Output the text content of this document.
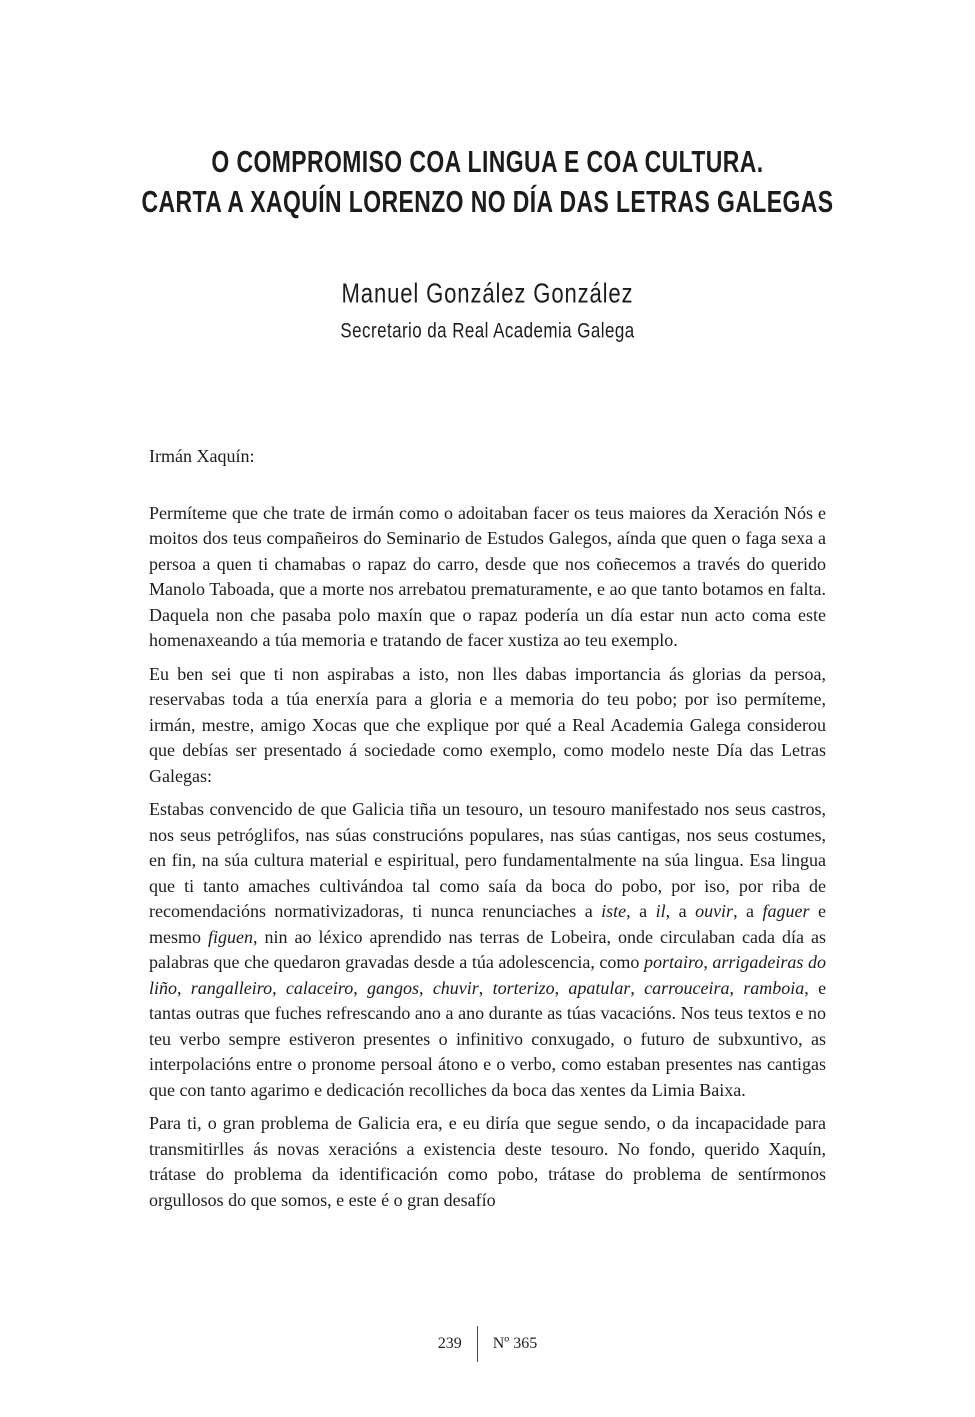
O COMPROMISO COA LINGUA E COA CULTURA.
CARTA A XAQUÍN LORENZO NO DÍA DAS LETRAS GALEGAS
Manuel González González
Secretario da Real Academia Galega

Irmán Xaquín:

Permíteme que che trate de irmán como o adoitaban facer os teus maiores da Xeración Nós e moitos dos teus compañeiros do Seminario de Estudos Galegos, aínda que quen o faga sexa a persoa a quen ti chamabas o rapaz do carro, desde que nos coñecemos a través do querido Manolo Taboada, que a morte nos arrebatou prematuramente, e ao que tanto botamos en falta. Daquela non che pasaba polo maxín que o rapaz podería un día estar nun acto coma este homenaxeando a túa memoria e tratando de facer xustiza ao teu exemplo.

Eu ben sei que ti non aspirabas a isto, non lles dabas importancia ás glorias da persoa, reservabas toda a túa enerxía para a gloria e a memoria do teu pobo; por iso permíteme, irmán, mestre, amigo Xocas que che explique por qué a Real Academia Galega considerou que debías ser presentado á sociedade como exemplo, como modelo neste Día das Letras Galegas:

Estabas convencido de que Galicia tiña un tesouro, un tesouro manifestado nos seus castros, nos seus petróglifos, nas súas construcións populares, nas súas cantigas, nos seus costumes, en fin, na súa cultura material e espiritual, pero fundamentalmente na súa lingua. Esa lingua que ti tanto amaches cultivándoa tal como saía da boca do pobo, por iso, por riba de recomendacións normativizadoras, ti nunca renunciaches a iste, a il, a ouvir, a faguer e mesmo figuen, nin ao léxico aprendido nas terras de Lobeira, onde circulaban cada día as palabras que che quedaron gravadas desde a túa adolescencia, como portairo, arrigadeiras do liño, rangalleiro, calaceiro, gangos, chuvir, torterizo, apatular, carrouceira, ramboia, e tantas outras que fuches refrescando ano a ano durante as túas vacacións. Nos teus textos e no teu verbo sempre estiveron presentes o infinitivo conxugado, o futuro de subxuntivo, as interpolacións entre o pronome persoal átono e o verbo, como estaban presentes nas cantigas que con tanto agarimo e dedicación recolliches da boca das xentes da Limia Baixa.

Para ti, o gran problema de Galicia era, e eu diría que segue sendo, o da incapacidade para transmitirlles ás novas xeracións a existencia deste tesouro. No fondo, querido Xaquín, trátase do problema da identificación como pobo, trátase do problema de sentírmonos orgullosos do que somos, e este é o gran desafío

239 Nº 365
